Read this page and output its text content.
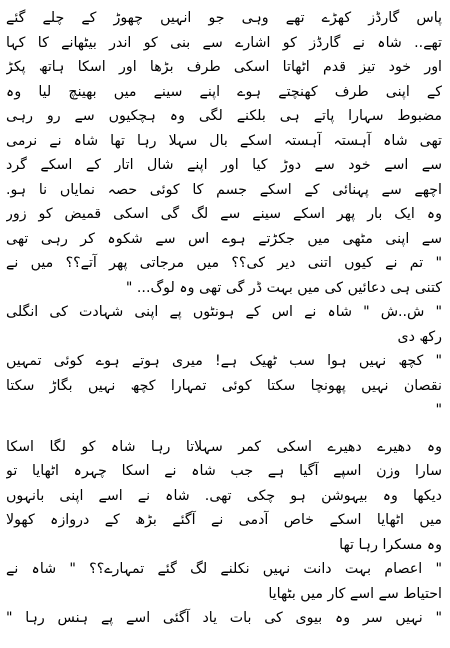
پاس گارڈز کھڑے تھے وہی جو انہیں چھوڑ کے چلے گئے
تھے.. شاہ نے گارڈز کو اشارے سے بنی کو اندر بیٹھانے کا کہا
اور خود تیز قدم اٹھاتا اسکی طرف بڑھا اور اسکا ہاتھ پکڑ
کے اپنی طرف کھنچتے ہوے اپنے سینے میں بھینچ لیا وہ
مضبوط سہارا پاتے ہی بلکنے لگی وہ ہچکیوں سے رو رہی
تھی شاہ آہستہ آہستہ اسکے بال سہلا رہا تھا شاہ نے نرمی
سے اسے خود سے دوڑ کیا اور اپنے شال اتار کے اسکے گرد
اچھے سے پہنائی کے اسکے جسم کا کوئی حصہ نمایاں نا ہو.
وہ ایک بار پھر اسکے سینے سے لگ گی اسکی قمیض کو زور
سے اپنی مٹھی میں جکڑتے ہوے اس سے شکوہ کر رہی تھی
" تم نے کیوں اتنی دیر کی؟؟ میں مرجاتی پھر آتے؟؟ میں نے
کتنی ہی دعائیں کی میں بہت ڈر گی تھی وہ لوگ... "
" ش..ش " شاہ نے اس کے ہونٹوں پے اپنی شہادت کی انگلی
رکھ دی
" کچھ نہیں ہوا سب ٹھیک ہے! میری ہوتے ہوے کوئی تمہیں
نقصان نہیں پھونچا سکتا کوئی تمہارا کچھ نہیں بگاڑ سکتا
"
وہ دھیرے دھیرے اسکی کمر سہلاتا رہا شاہ کو لگا اسکا
سارا وزن اسپے آگیا ہے جب شاہ نے اسکا چہرہ اٹھایا تو
دیکھا وہ بیہوشن ہو چکی تھی. شاہ نے اسے اپنی بانہوں
میں اٹھایا اسکے خاص آدمی نے آگئے بڑھ کے دروازہ کھولا
وہ مسکرا رہا تھا
" اعصام بہت دانت نہیں نکلنے لگ گئے تمہارے؟؟ " شاہ نے
احتیاط سے اسے کار میں بٹھایا
" نہیں سر وہ بیوی کی بات یاد آگئی اسے پے ہنس رہا "
